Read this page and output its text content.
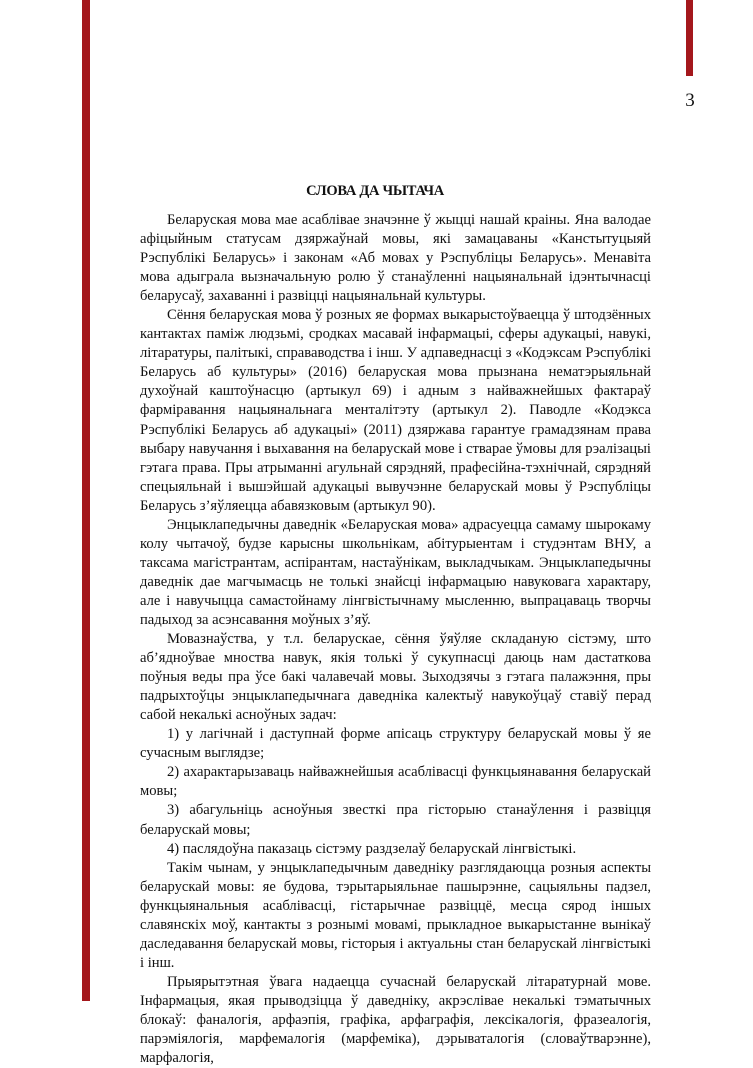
3
СЛОВА ДА ЧЫТАЧА

Беларуская мова мае асаблівае значэнне ў жыцці нашай краіны. Яна валодае афіцыйным статусам дзяржаўнай мовы, які замацаваны «Канстытуцыяй Рэспублікі Беларусь» і законам «Аб мовах у Рэспубліцы Беларусь». Менавіта мова адыграла вызначальную ролю ў станаўленні нацыянальнай ідэнтычнасці беларусаў, захаванні і развіцці нацыянальнай культуры.

Сёння беларуская мова ў розных яе формах выкарыстоўваецца ў штодзённых кантактах паміж людзьмі, сродках масавай інфармацыі, сферы адукацыі, навукі, літаратуры, палітыкі, справаводства і інш. У адпаведнасці з «Кодэксам Рэспублікі Беларусь аб культуры» (2016) беларуская мова прызнана нематэрыяльнай духоўнай каштоўнасцю (артыкул 69) і адным з найважнейшых фактараў фарміравання нацыянальнага менталітэту (артыкул 2). Паводле «Кодэкса Рэспублікі Беларусь аб адукацыі» (2011) дзяржава гарантуе грамадзянам права выбару навучання і выхавання на беларускай мове і стварае ўмовы для рэалізацыі гэтага права. Пры атрыманні агульнай сярэдняй, прафесійна-тэхнічнай, сярэдняй спецыяльнай і вышэйшай адукацыі вывучэнне беларускай мовы ў Рэспубліцы Беларусь з’яўляецца абавязковым (артыкул 90).

Энцыклапедычны даведнік «Беларуская мова» адрасуецца самаму шырокаму колу чытачоў, будзе карысны школьнікам, абітурыентам і студэнтам ВНУ, а таксама магістрантам, аспірантам, настаўнікам, выкладчыкам. Энцыклапедычны даведнік дае магчымасць не толькі знайсці інфармацыю навуковага характару, але і навучыцца самастойнаму лінгвістычнаму мысленню, выпрацаваць творчы падыход за асэнсавання моўных з’яў.

Мовазнаўства, у т.л. беларускае, сёння ўяўляе складаную сістэму, што аб’ядноўвае мноства навук, якія толькі ў сукупнасці даюць нам дастаткова поўныя веды пра ўсе бакі чалавечай мовы. Зыходзячы з гэтага палажэння, пры падрыхтоўцы энцыклапедычнага даведніка калектыў навукоўцаў ставіў перад сабой некалькі асноўных задач:

1) у лагічнай і даступнай форме апісаць структуру беларускай мовы ў яе сучасным выглядзе;

2) ахарактарызаваць найважнейшыя асаблівасці функцыянавання беларускай мовы;

3) абагульніць асноўныя звесткі пра гісторыю станаўлення і развіцця беларускай мовы;

4) паслядоўна паказаць сістэму раздзелаў беларускай лінгвістыкі.

Такім чынам, у энцыклапедычным даведніку разглядаюцца розныя аспекты беларускай мовы: яе будова, тэрытарыяльнае пашырэнне, сацыяльны падзел, функцыянальныя асаблівасці, гістарычнае развіццё, месца сярод іншых славянскіх моў, кантакты з рознымі мовамі, прыкладное выкарыстанне вынікаў даследавання беларускай мовы, гісторыя і актуальны стан беларускай лінгвістыкі і інш.

Прыярытэтная ўвага надаецца сучаснай беларускай літаратурнай мове. Інфармацыя, якая прыводзіцца ў даведніку, акрэслівае некалькі тэматычных блокаў: фаналогія, арфаэпія, графіка, арфаграфія, лексікалогія, фразеалогія, парэміялогія, марфемалогія (марфеміка), дэрыватaлогія (словаўтварэнне), марфалогія,
